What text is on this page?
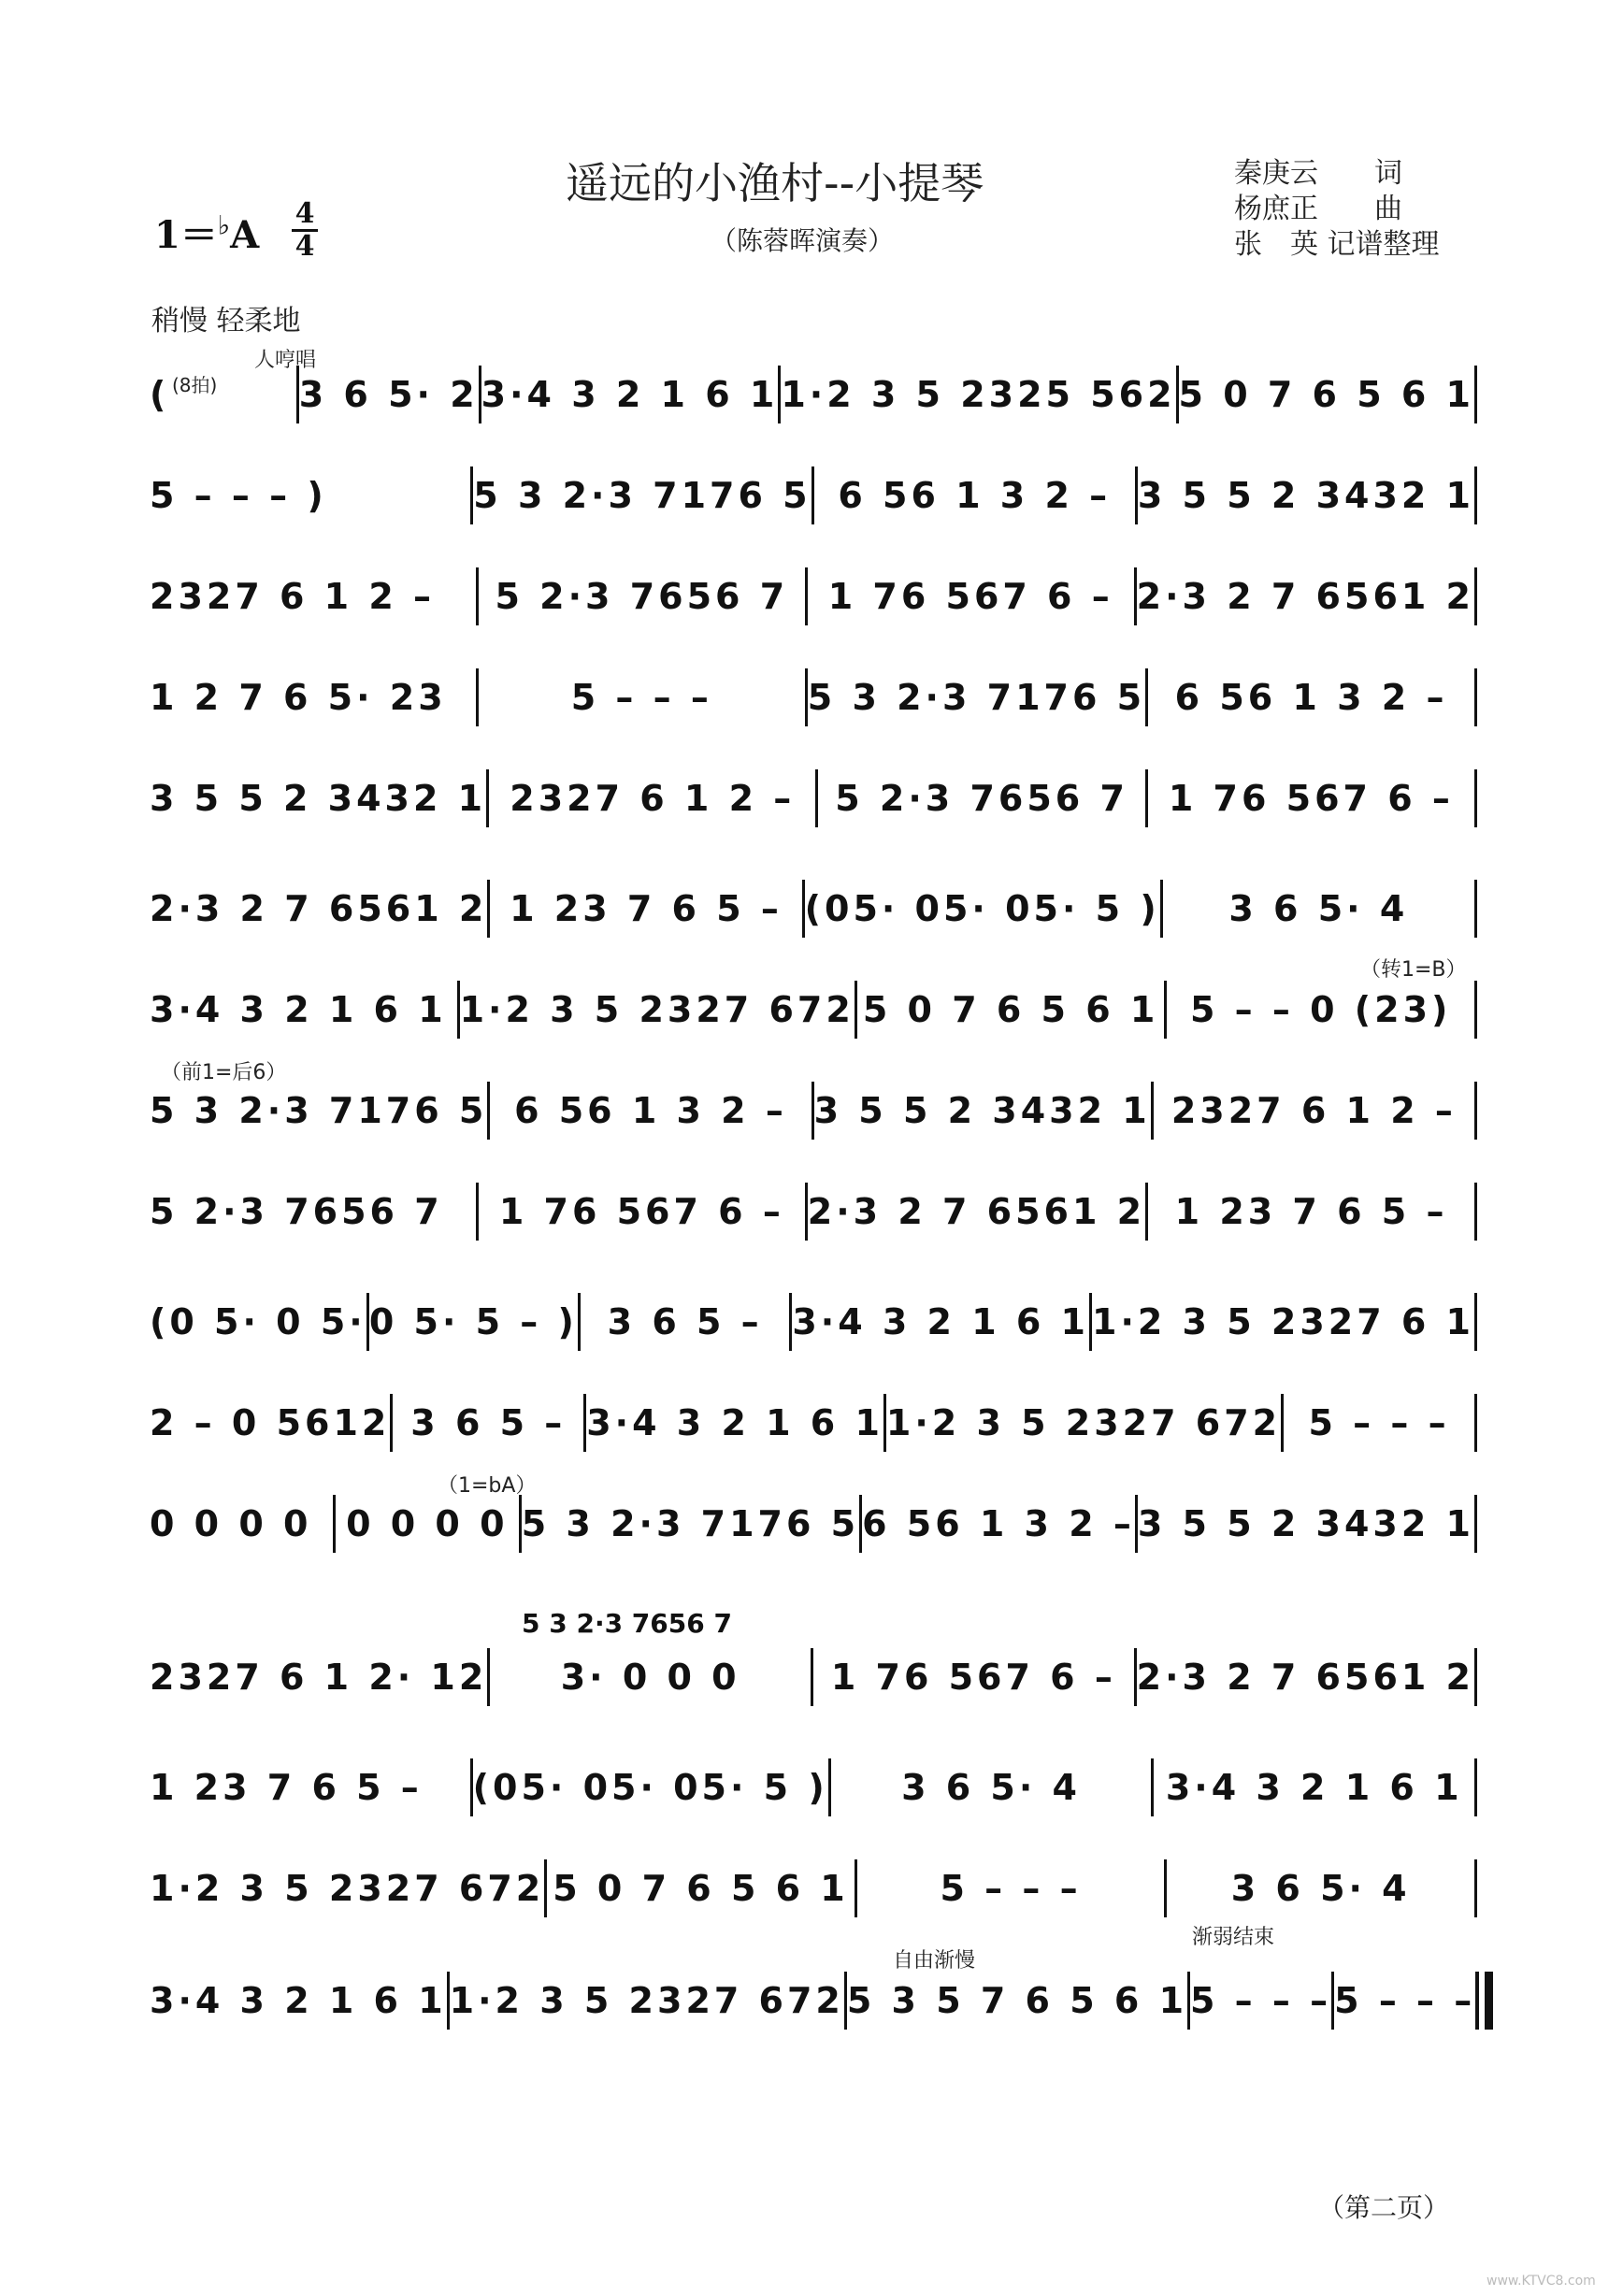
遥远的小渔村--小提琴
（陈蓉晖演奏）
秦庚云　　词
杨庶正　　曲
张　英 记谱整理
1＝♭A 4
4
稍慢 轻柔地
(8拍)
人哼唱
（转1=B）
（前1=后6）
（1=bA）
自由渐慢
渐弱结束
5 3 2·3 7656 7
(	3 6 5· 2 3·4 3 2 1 6 1 1·2 3 5 2325 562 5 0 7 6 5 6 1
5 – – – )	5 3 2·3 7176 5 6 56 1 3 2 – 3 5 5 2 3432 1
2327 6 1 2 –	5 2·3 7656 7	1 76 567 6 – 2·3 2 7 6561 2
1 2 7 6 5· 23	5 – – –	5 3 2·3 7176 5 6 56 1 3 2 –
3 5 5 2 3432 1 2327 6 1 2 –	5 2·3 7656 7	1 76 567 6 –
2·3 2 7 6561 2 1 23 7 6 5 – (05· 05· 05· 5 )	3 6 5· 4
3·4 3 2 1 6 1 1·2 3 5 2327 672 5 0 7 6 5 6 1 5 – – 0 (23)
5 3 2·3 7176 5 6 56 1 3 2 – 3 5 5 2 3432 1 2327 6 1 2 –
5 2·3 7656 7	1 76 567 6 – 2·3 2 7 6561 2 1 23 7 6 5 –
(0 5· 0 5· 0 5· 5 – ) 3 6 5 – 3·4 3 2 1 6 1 1·2 3 5 2327 6 1
2 – 0 5612 3 6 5 – 3·4 3 2 1 6 1 1·2 3 5 2327 672 5 – – –
0 0 0 0 0 0 0 0 5 3 2·3 7176 5 6 56 1 3 2 – 3 5 5 2 3432 1
2327 6 1 2· 12	3· 0 0 0	1 76 567 6 – 2·3 2 7 6561 2
1 23 7 6 5 –	(05· 05· 05· 5 )	3 6 5· 4	3·4 3 2 1 6 1
1·2 3 5 2327 672 5 0 7 6 5 6 1	5 – – –	3 6 5· 4
3·4 3 2 1 6 1 1·2 3 5 2327 672 5 3 5 7 6 5 6 1 5 – – – 5 – – –
（第二页）
www.KTVC8.com
